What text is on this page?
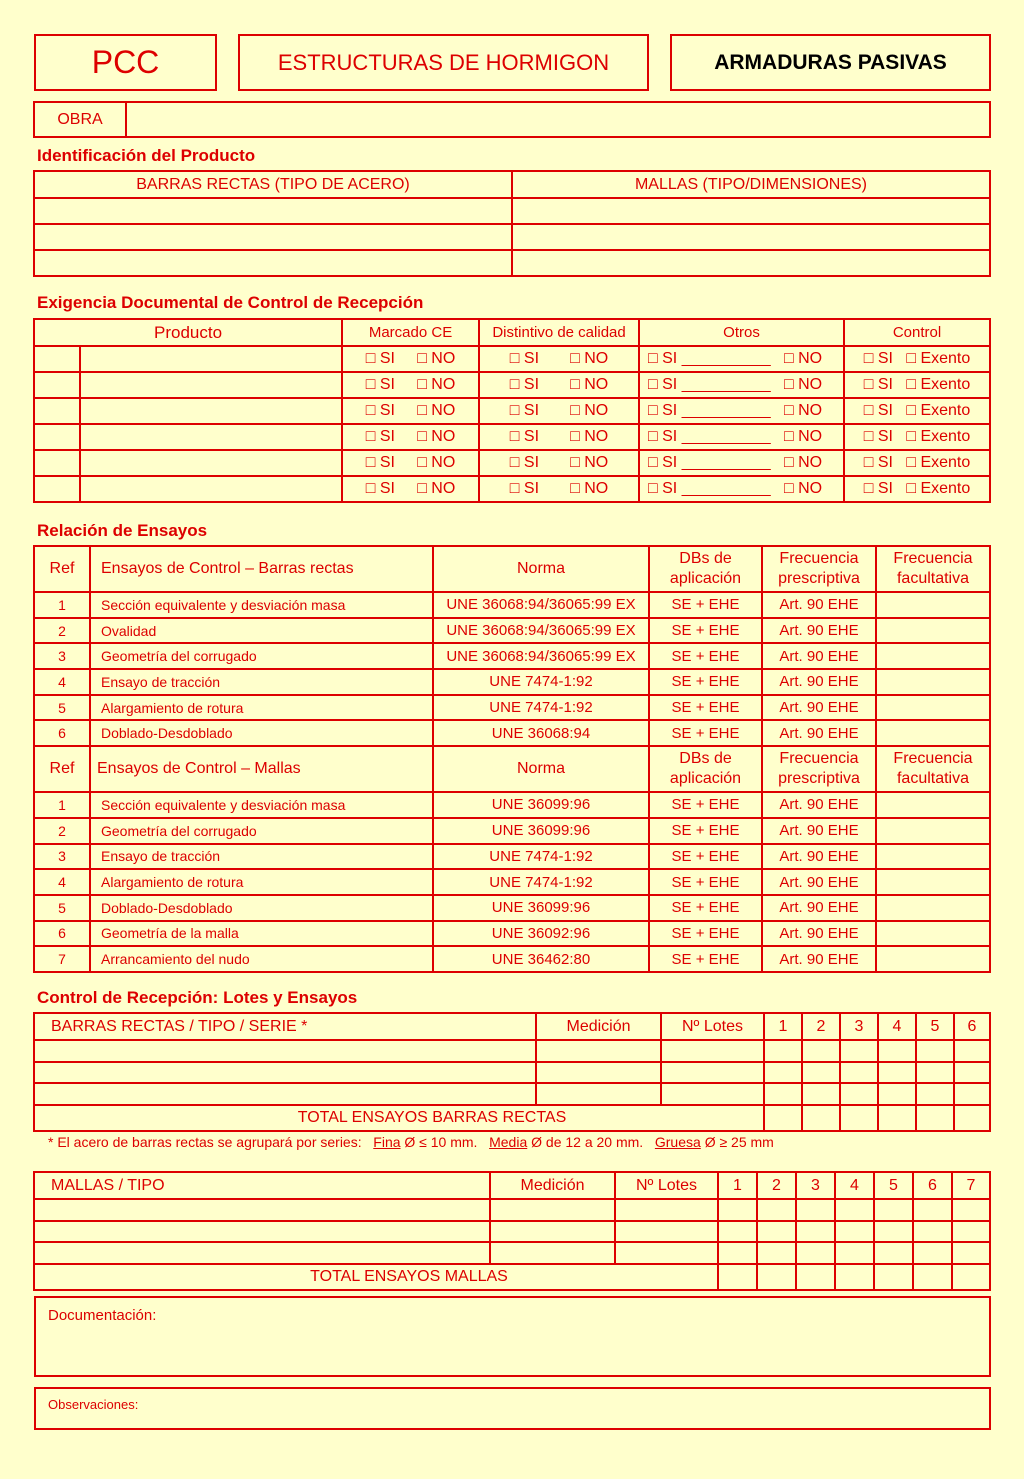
PCC	ESTRUCTURAS DE HORMIGON	ARMADURAS PASIVAS
OBRA	
Identificación del Producto
BARRAS RECTAS (TIPO DE ACERO)	MALLAS (TIPO/DIMENSIONES)

Exigencia Documental de Control de Recepción
Producto		Marcado CE	Distintivo de calidad	Otros	Control
		□ SI □ NO	□ SI □ NO	□ SI __________ □ NO	□ SI □ Exento
		□ SI □ NO	□ SI □ NO	□ SI __________ □ NO	□ SI □ Exento
		□ SI □ NO	□ SI □ NO	□ SI __________ □ NO	□ SI □ Exento
		□ SI □ NO	□ SI □ NO	□ SI __________ □ NO	□ SI □ Exento
		□ SI □ NO	□ SI □ NO	□ SI __________ □ NO	□ SI □ Exento
		□ SI □ NO	□ SI □ NO	□ SI __________ □ NO	□ SI □ Exento
Relación de Ensayos
Ref	Ensayos de Control – Barras rectas	Norma	DBs de aplicación	Frecuencia prescriptiva	Frecuencia facultativa
1	Sección equivalente y desviación masa	UNE 36068:94/36065:99 EX	SE + EHE	Art. 90 EHE	
2	Ovalidad	UNE 36068:94/36065:99 EX	SE + EHE	Art. 90 EHE	
3	Geometría del corrugado	UNE 36068:94/36065:99 EX	SE + EHE	Art. 90 EHE	
4	Ensayo de tracción	UNE 7474-1:92	SE + EHE	Art. 90 EHE	
5	Alargamiento de rotura	UNE 7474-1:92	SE + EHE	Art. 90 EHE	
6	Doblado-Desdoblado	UNE 36068:94	SE + EHE	Art. 90 EHE	
Ref	Ensayos de Control – Mallas	Norma	DBs de aplicación	Frecuencia prescriptiva	Frecuencia facultativa
1	Sección equivalente y desviación masa	UNE 36099:96	SE + EHE	Art. 90 EHE	
2	Geometría del corrugado	UNE 36099:96	SE + EHE	Art. 90 EHE	
3	Ensayo de tracción	UNE 7474-1:92	SE + EHE	Art. 90 EHE	
4	Alargamiento de rotura	UNE 7474-1:92	SE + EHE	Art. 90 EHE	
5	Doblado-Desdoblado	UNE 36099:96	SE + EHE	Art. 90 EHE	
6	Geometría de la malla	UNE 36092:96	SE + EHE	Art. 90 EHE	
7	Arrancamiento del nudo	UNE 36462:80	SE + EHE	Art. 90 EHE	
Control de Recepción: Lotes y Ensayos
BARRAS RECTAS / TIPO / SERIE *	Medición	Nº Lotes	1	2	3	4	5	6

TOTAL ENSAYOS BARRAS RECTAS								
* El acero de barras rectas se agrupará por series: Fina Ø ≤ 10 mm. Media Ø de 12 a 20 mm. Gruesa Ø ≥ 25 mm
MALLAS / TIPO	Medición	Nº Lotes	1	2	3	4	5	6	7

TOTAL ENSAYOS MALLAS									
Documentación:
Observaciones:
